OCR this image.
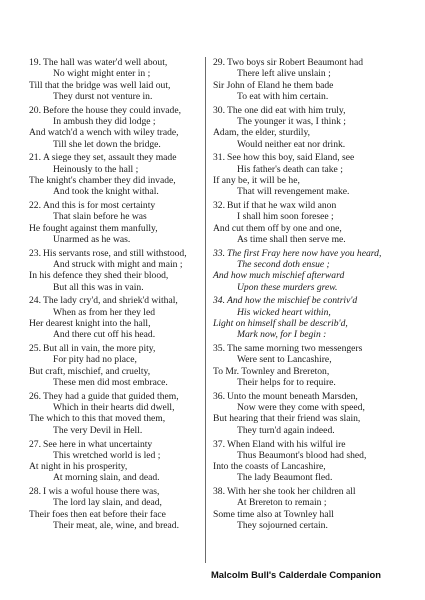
19. The hall was water'd well about,
No wight might enter in ;
Till that the bridge was well laid out,
They durst not venture in.
20. Before the house they could invade,
In ambush they did lodge ;
And watch'd a wench with wiley trade,
Till she let down the bridge.
21. A siege they set, assault they made
Heinously to the hall ;
The knight's chamber they did invade,
And took the knight withal.
22. And this is for most certainty
That slain before he was
He fought against them manfully,
Unarmed as he was.
23. His servants rose, and still withstood,
And struck with might and main ;
In his defence they shed their blood,
But all this was in vain.
24. The lady cry'd, and shriek'd withal,
When as from her they led
Her dearest knight into the hall,
And there cut off his head.
25. But all in vain, the more pity,
For pity had no place,
But craft, mischief, and cruelty,
These men did most embrace.
26. They had a guide that guided them,
Which in their hearts did dwell,
The which to this that moved them,
The very Devil in Hell.
27. See here in what uncertainty
This wretched world is led ;
At night in his prosperity,
At morning slain, and dead.
28. I wis a woful house there was,
The lord lay slain, and dead,
Their foes then eat before their face
Their meat, ale, wine, and bread.
29. Two boys sir Robert Beaumont had
There left alive unslain ;
Sir John of Eland he them bade
To eat with him certain.
30. The one did eat with him truly,
The younger it was, I think ;
Adam, the elder, sturdily,
Would neither eat nor drink.
31. See how this boy, said Eland, see
His father's death can take ;
If any be, it will be he,
That will revengement make.
32. But if that he wax wild anon
I shall him soon foresee ;
And cut them off by one and one,
As time shall then serve me.
33. The first Fray here now have you heard,
The second doth ensue ;
And how much mischief afterward
Upon these murders grew.
34. And how the mischief be contriv'd
His wicked heart within,
Light on himself shall be describ'd,
Mark now, for I begin :
35. The same morning two messengers
Were sent to Lancashire,
To Mr. Townley and Brereton,
Their helps for to require.
36. Unto the mount beneath Marsden,
Now were they come with speed,
But hearing that their friend was slain,
They turn'd again indeed.
37. When Eland with his wilful ire
Thus Beaumont's blood had shed,
Into the coasts of Lancashire,
The lady Beaumont fled.
38. With her she took her children all
At Brereton to remain ;
Some time also at Townley hall
They sojourned certain.
Malcolm Bull's Calderdale Companion
